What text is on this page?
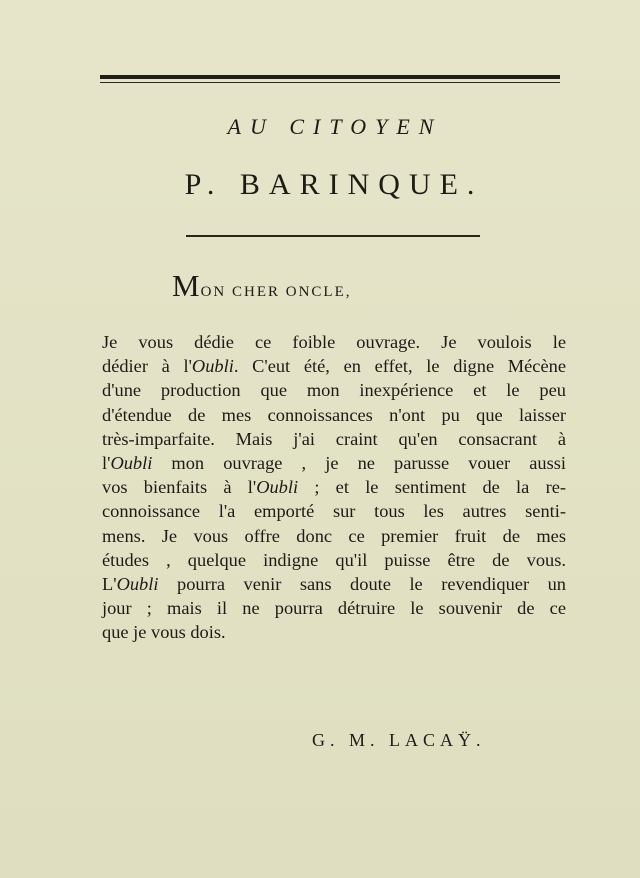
AU CITOYEN
P. BARINQUE.
MON CHER ONCLE,
Je vous dédie ce foible ouvrage. Je voulois le
dédier à l'Oubli. C'eut été, en effet, le digne Mécène
d'une production que mon inexpérience et le peu
d'étendue de mes connoissances n'ont pu que laisser
très-imparfaite. Mais j'ai craint qu'en consacrant à
l'Oubli mon ouvrage , je ne parusse vouer aussi
vos bienfaits à l'Oubli ; et le sentiment de la re-
connoissance l'a emporté sur tous les autres senti-
mens. Je vous offre donc ce premier fruit de mes
études , quelque indigne qu'il puisse être de vous.
L'Oubli pourra venir sans doute le revendiquer un
jour ; mais il ne pourra détruire le souvenir de ce
que je vous dois.
G. M. LACAŸ.
